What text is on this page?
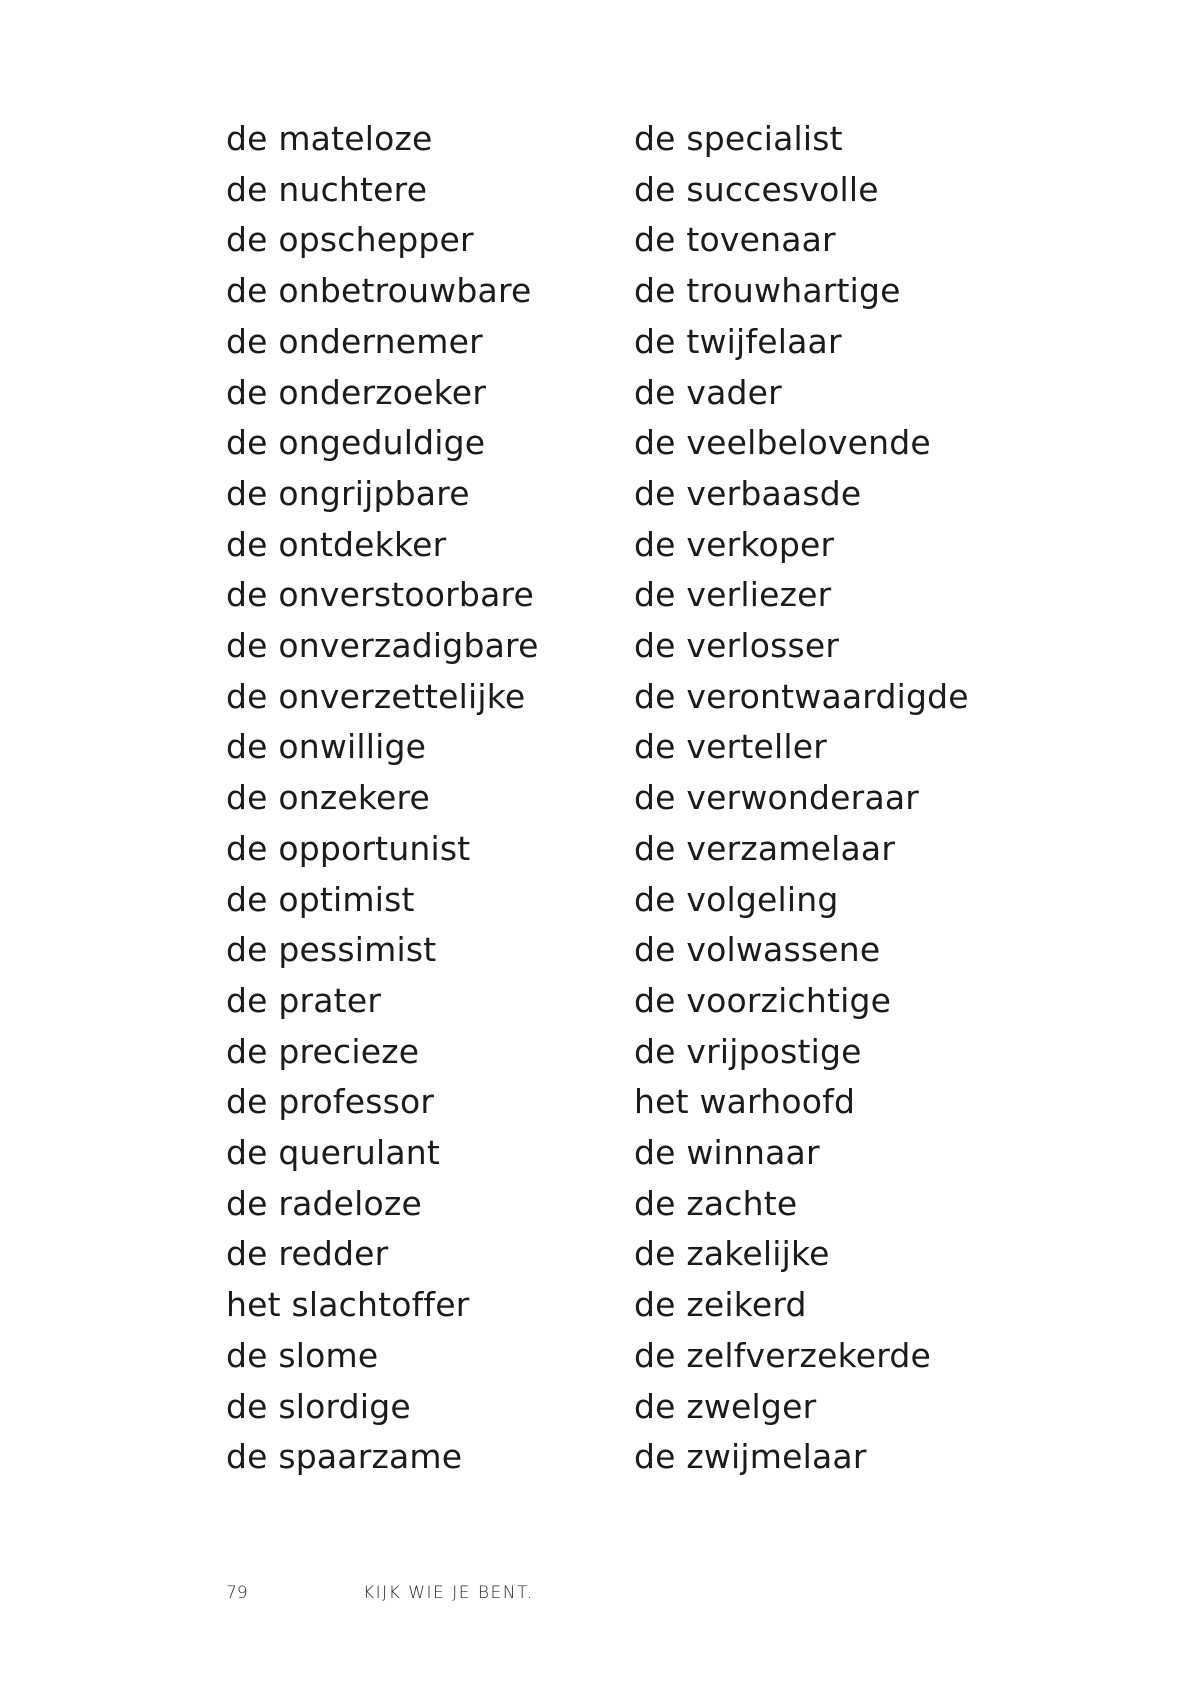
de mateloze
de nuchtere
de opschepper
de onbetrouwbare
de ondernemer
de onderzoeker
de ongeduldige
de ongrijpbare
de ontdekker
de onverstoorbare
de onverzadigbare
de onverzettelijke
de onwillige
de onzekere
de opportunist
de optimist
de pessimist
de prater
de precieze
de professor
de querulant
de radeloze
de redder
het slachtoffer
de slome
de slordige
de spaarzame
de specialist
de succesvolle
de tovenaar
de trouwhartige
de twijfelaar
de vader
de veelbelovende
de verbaasde
de verkoper
de verliezer
de verlosser
de verontwaardigde
de verteller
de verwonderaar
de verzamelaar
de volgeling
de volwassene
de voorzichtige
de vrijpostige
het warhoofd
de winnaar
de zachte
de zakelijke
de zeikerd
de zelfverzekerde
de zwelger
de zwijmelaar
79	KIJK WIE JE BENT.
